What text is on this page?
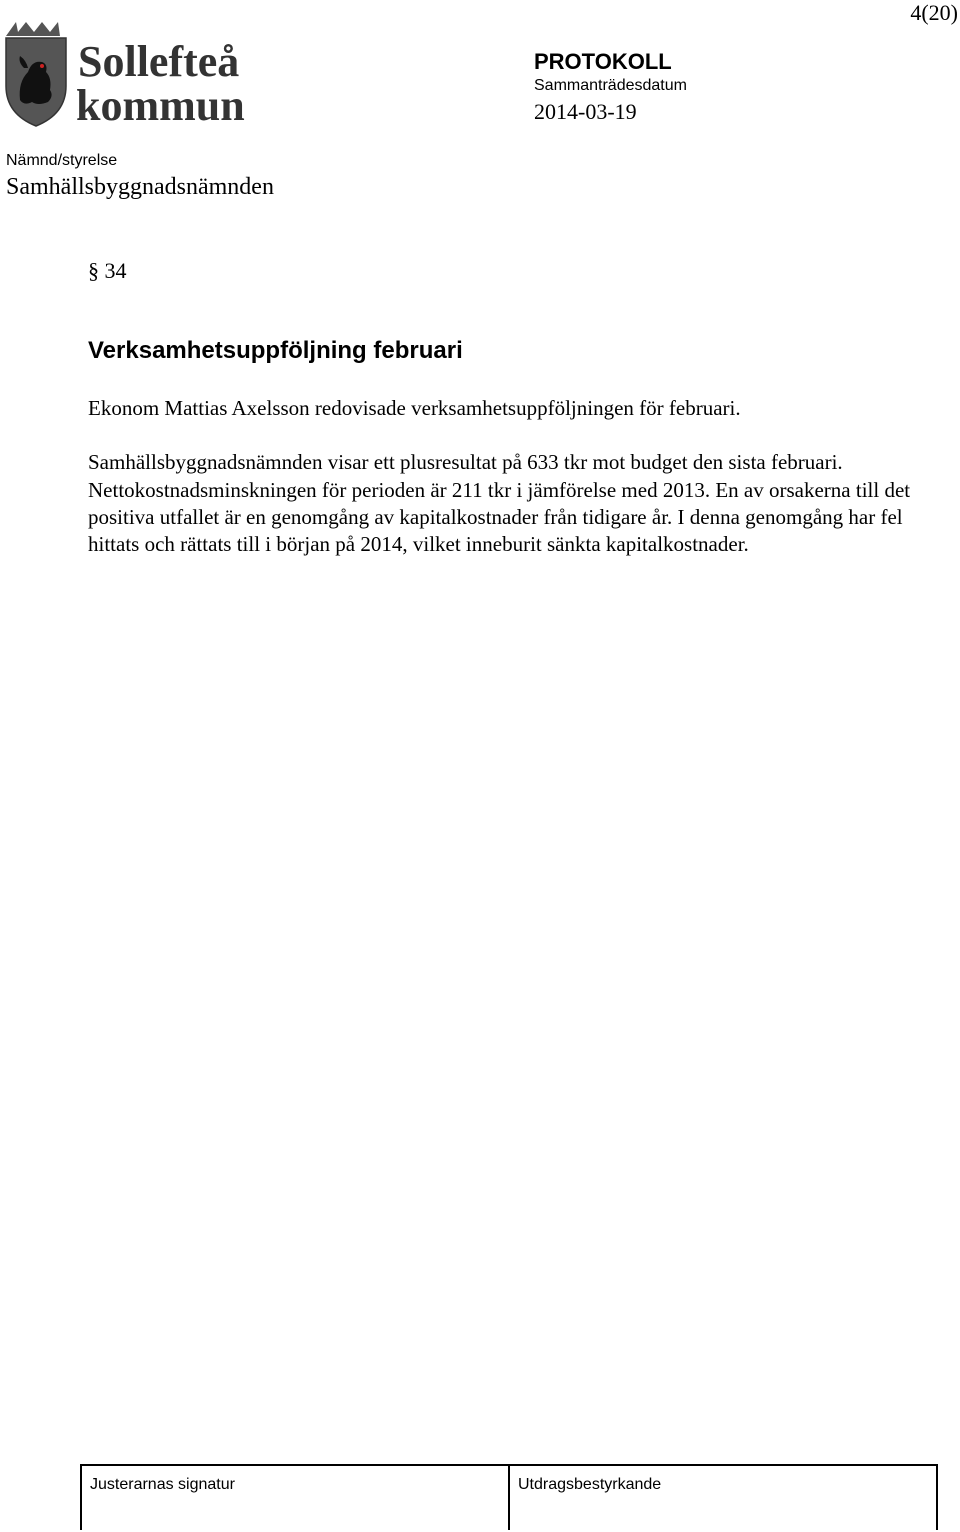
4(20)
Sollefteå
kommun
PROTOKOLL
Sammanträdesdatum
2014-03-19
Nämnd/styrelse
Samhällsbyggnadsnämnden
§ 34
Verksamhetsuppföljning februari

Ekonom Mattias Axelsson redovisade verksamhetsuppföljningen för februari.

Samhällsbyggnadsnämnden visar ett plusresultat på 633 tkr mot budget den sista februari. Nettokostnadsminskningen för perioden är 211 tkr i jämförelse med 2013. En av orsakerna till det positiva utfallet är en genomgång av kapitalkostnader från tidigare år. I denna genomgång har fel hittats och rättats till i början på 2014, vilket inneburit sänkta kapitalkostnader.

Justerarnas signatur	Utdragsbestyrkande
